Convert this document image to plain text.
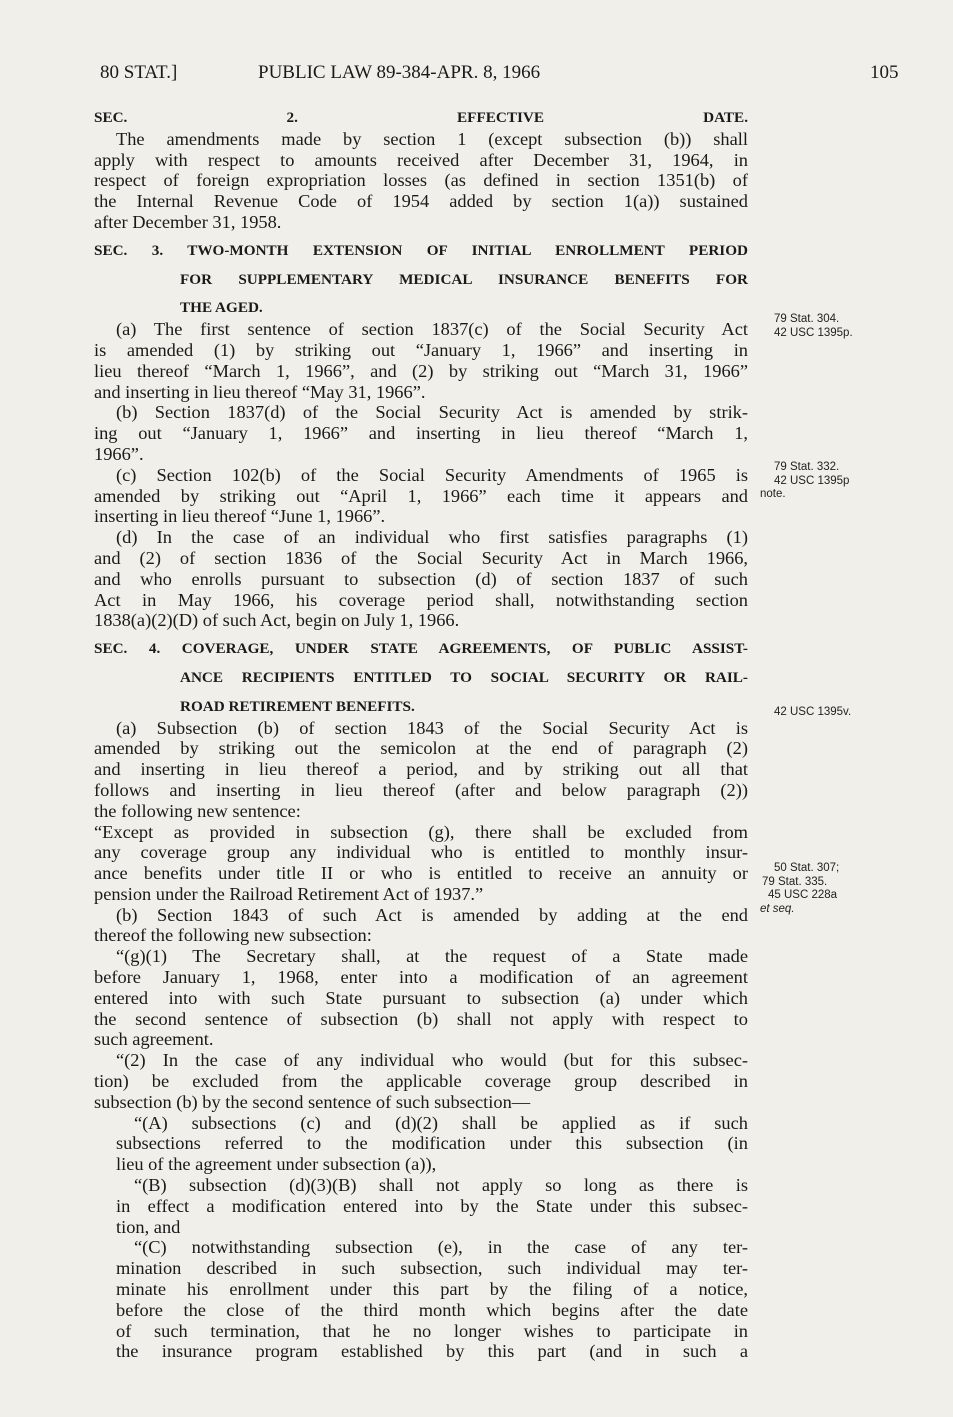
80 STAT.]	PUBLIC LAW 89-384-APR. 8, 1966	105
SEC. 2. EFFECTIVE DATE.
The amendments made by section 1 (except subsection (b)) shall
apply with respect to amounts received after December 31, 1964, in
respect of foreign expropriation losses (as defined in section 1351(b) of
the Internal Revenue Code of 1954 added by section 1(a)) sustained
after December 31, 1958.
SEC. 3. TWO-MONTH EXTENSION OF INITIAL ENROLLMENT PERIOD
FOR SUPPLEMENTARY MEDICAL INSURANCE BENEFITS FOR
THE AGED.
(a) The first sentence of section 1837(c) of the Social Security Act
is amended (1) by striking out “January 1, 1966” and inserting in
lieu thereof “March 1, 1966”, and (2) by striking out “March 31, 1966”
and inserting in lieu thereof “May 31, 1966”.
(b) Section 1837(d) of the Social Security Act is amended by strik-
ing out “January 1, 1966” and inserting in lieu thereof “March 1,
1966”.
(c) Section 102(b) of the Social Security Amendments of 1965 is
amended by striking out “April 1, 1966” each time it appears and
inserting in lieu thereof “June 1, 1966”.
(d) In the case of an individual who first satisfies paragraphs (1)
and (2) of section 1836 of the Social Security Act in March 1966,
and who enrolls pursuant to subsection (d) of section 1837 of such
Act in May 1966, his coverage period shall, notwithstanding section
1838(a)(2)(D) of such Act, begin on July 1, 1966.
SEC. 4. COVERAGE, UNDER STATE AGREEMENTS, OF PUBLIC ASSIST-
ANCE RECIPIENTS ENTITLED TO SOCIAL SECURITY OR RAIL-
ROAD RETIREMENT BENEFITS.
(a) Subsection (b) of section 1843 of the Social Security Act is
amended by striking out the semicolon at the end of paragraph (2)
and inserting in lieu thereof a period, and by striking out all that
follows and inserting in lieu thereof (after and below paragraph (2))
the following new sentence:
“Except as provided in subsection (g), there shall be excluded from
any coverage group any individual who is entitled to monthly insur-
ance benefits under title II or who is entitled to receive an annuity or
pension under the Railroad Retirement Act of 1937.”
(b) Section 1843 of such Act is amended by adding at the end
thereof the following new subsection:
“(g)(1) The Secretary shall, at the request of a State made
before January 1, 1968, enter into a modification of an agreement
entered into with such State pursuant to subsection (a) under which
the second sentence of subsection (b) shall not apply with respect to
such agreement.
“(2) In the case of any individual who would (but for this subsec-
tion) be excluded from the applicable coverage group described in
subsection (b) by the second sentence of such subsection—
“(A) subsections (c) and (d)(2) shall be applied as if such
subsections referred to the modification under this subsection (in
lieu of the agreement under subsection (a)),
“(B) subsection (d)(3)(B) shall not apply so long as there is
in effect a modification entered into by the State under this subsec-
tion, and
“(C) notwithstanding subsection (e), in the case of any ter-
mination described in such subsection, such individual may ter-
minate his enrollment under this part by the filing of a notice,
before the close of the third month which begins after the date
of such termination, that he no longer wishes to participate in
the insurance program established by this part (and in such a
79 Stat. 304.
42 USC 1395p.
79 Stat. 332.
42 USC 1395p
note.
42 USC 1395v.
50 Stat. 307;
79 Stat. 335.
45 USC 228a
et seq.
